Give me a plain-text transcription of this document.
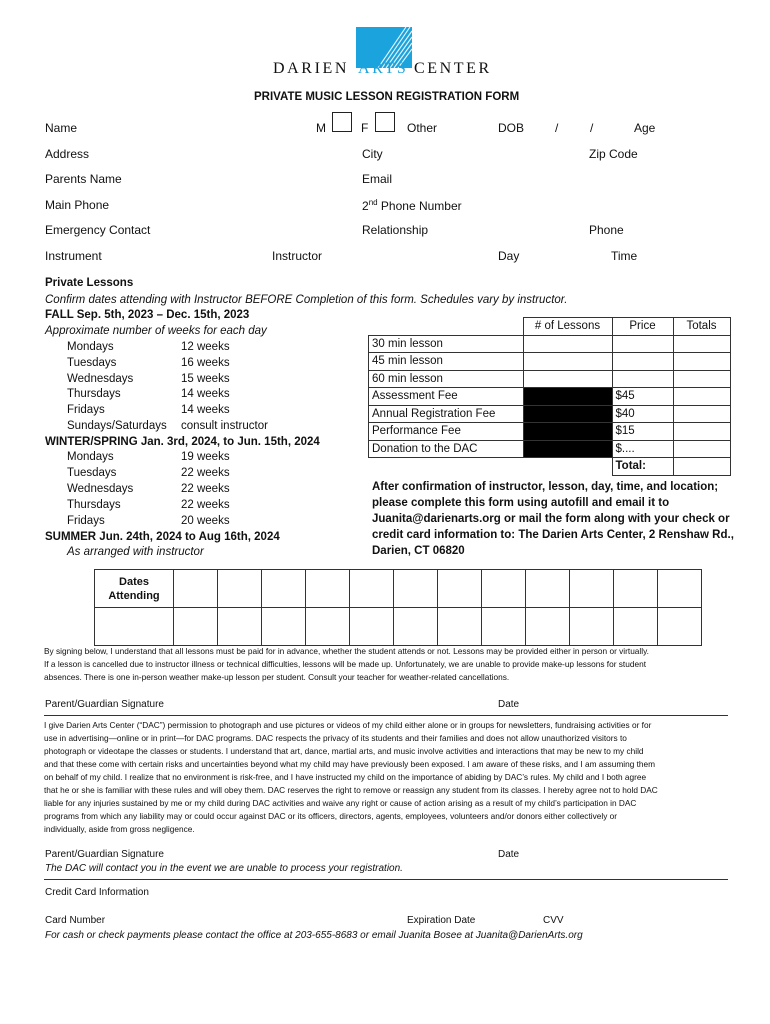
DARIEN ARTS CENTER
PRIVATE MUSIC LESSON REGISTRATION FORM
Name	M	F	Other	DOB	/	/	Age
Address	City	Zip Code
Parents Name	Email
Main Phone	2nd Phone Number
Emergency Contact	Relationship	Phone
Instrument	Instructor	Day	Time
Private Lessons
Confirm dates attending with Instructor BEFORE Completion of this form. Schedules vary by instructor.
FALL Sep. 5th, 2023 – Dec. 15th, 2023
Approximate number of weeks for each day
Mondays	12 weeks
Tuesdays	16 weeks
Wednesdays	15 weeks
Thursdays	14 weeks
Fridays	14 weeks
Sundays/Saturdays consult instructor
WINTER/SPRING Jan. 3rd, 2024, to Jun. 15th, 2024
Mondays	19 weeks
Tuesdays	22 weeks
Wednesdays	22 weeks
Thursdays	22 weeks
Fridays	20 weeks
SUMMER Jun. 24th, 2024 to Aug 16th, 2024
As arranged with instructor
	# of Lessons	Price	Totals
30 min lesson			
45 min lesson			
60 min lesson			
Assessment Fee		$45	
Annual Registration Fee		$40	
Performance Fee		$15	
Donation to the DAC		$....	
		Total:	
After confirmation of instructor, lesson, day, time, and location;
please complete this form using autofill and email it to
Juanita@darienarts.org or mail the form along with your check or
credit card information to: The Darien Arts Center, 2 Renshaw Rd.,
Darien, CT 06820
Dates
Attending												

By signing below, I understand that all lessons must be paid for in advance, whether the student attends or not. Lessons may be provided either in person or virtually.
If a lesson is cancelled due to instructor illness or technical difficulties, lessons will be made up. Unfortunately, we are unable to provide make-up lessons for student
absences. There is one in-person weather make-up lesson per student. Consult your teacher for weather-related cancellations.
Parent/Guardian Signature	Date
I give Darien Arts Center (“DAC”) permission to photograph and use pictures or videos of my child either alone or in groups for newsletters, fundraising activities or for
use in advertising—online or in print—for DAC programs. DAC respects the privacy of its students and their families and does not allow unauthorized visitors to
photograph or videotape the classes or students. I understand that art, dance, martial arts, and music involve activities and interactions that may be new to my child
and that these come with certain risks and uncertainties beyond what my child may have previously been exposed. I am aware of these risks, and I am assuming them
on behalf of my child. I realize that no environment is risk-free, and I have instructed my child on the importance of abiding by DAC’s rules. My child and I both agree
that he or she is familiar with these rules and will obey them. DAC reserves the right to remove or reassign any student from its classes. I hereby agree not to hold DAC
liable for any injuries sustained by me or my child during DAC activities and waive any right or cause of action arising as a result of my child’s participation in DAC
programs from which any liability may or could occur against DAC or its officers, directors, agents, employees, volunteers and/or donors either collectively or
individually, aside from gross negligence.
Parent/Guardian Signature	Date
The DAC will contact you in the event we are unable to process your registration.
Credit Card Information
Card Number	Expiration Date	CVV
For cash or check payments please contact the office at 203-655-8683 or email Juanita Bosee at Juanita@DarienArts.org
